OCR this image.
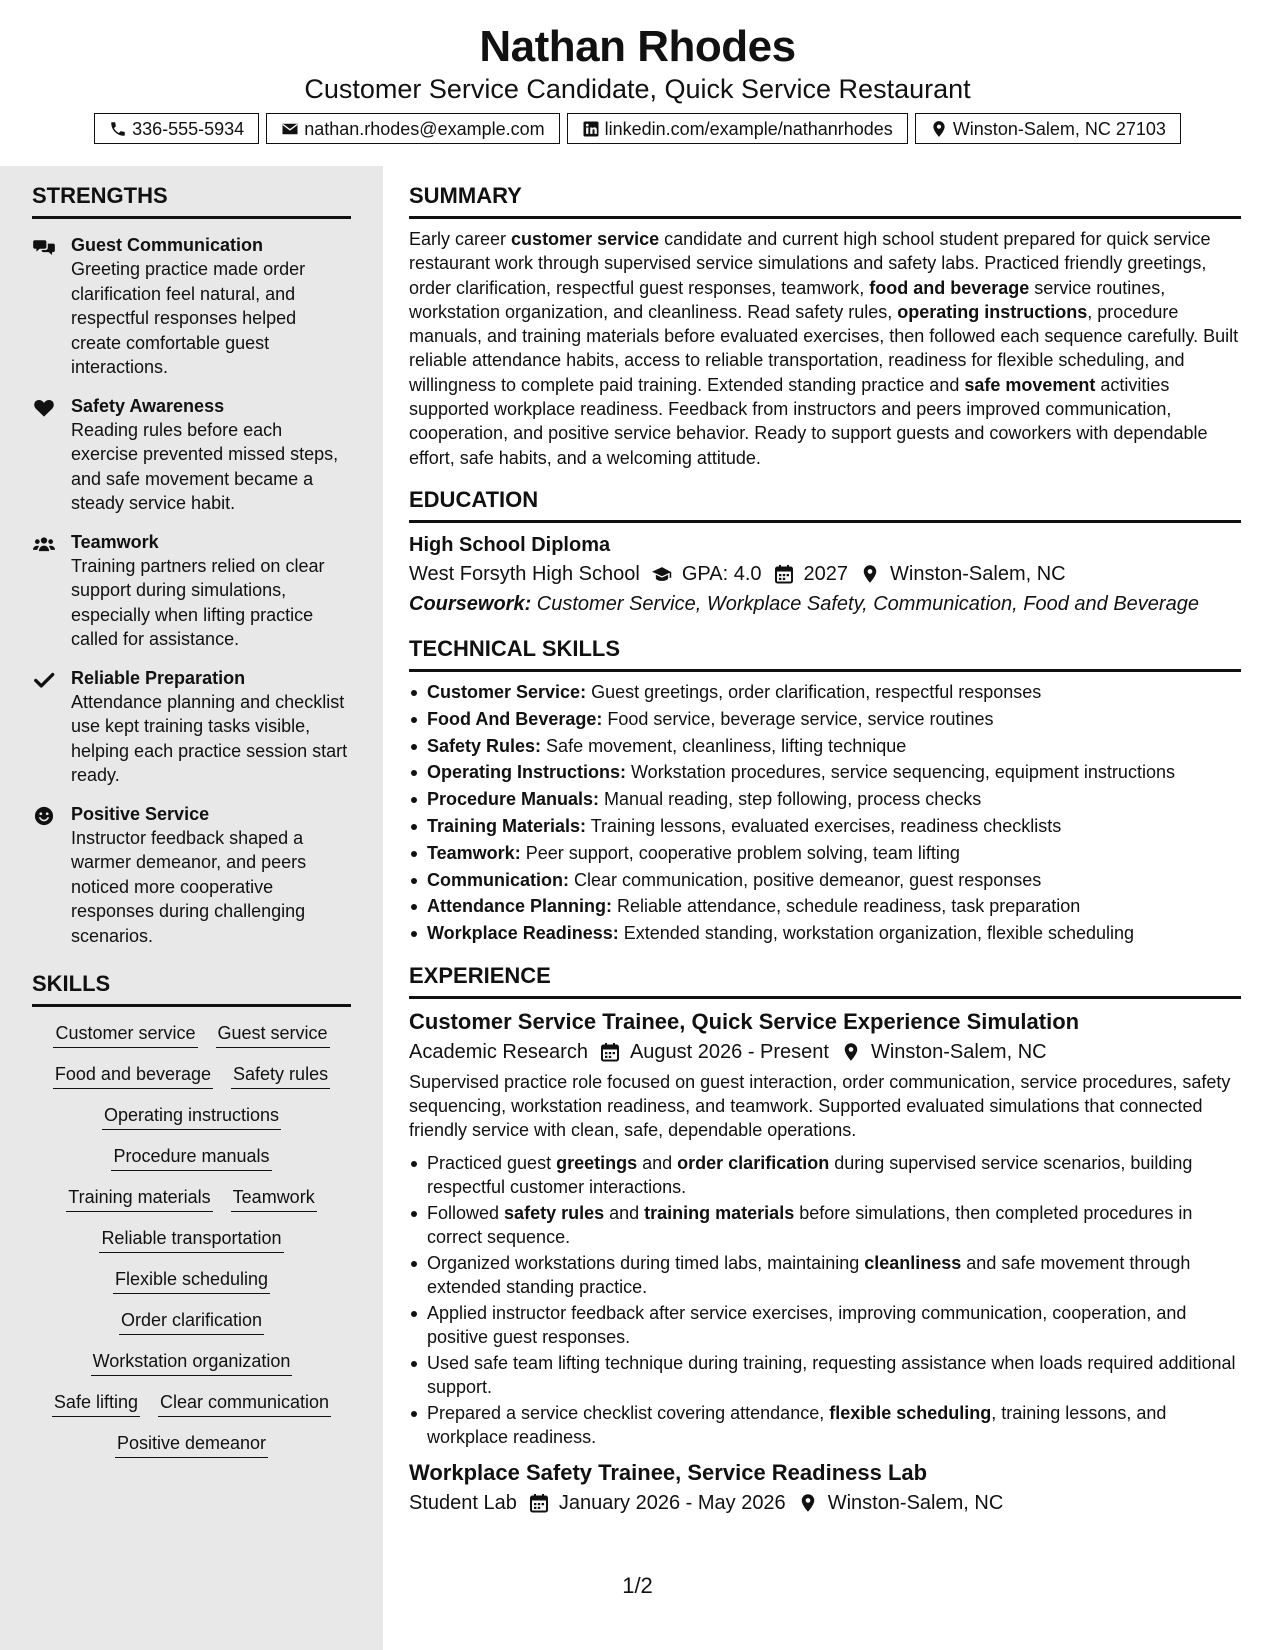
Nathan Rhodes
Customer Service Candidate, Quick Service Restaurant
336-555-5934	nathan.rhodes@example.com	linkedin.com/example/nathanrhodes	Winston-Salem, NC 27103
STRENGTHS
Guest Communication
Greeting practice made order clarification feel natural, and respectful responses helped create comfortable guest interactions.
Safety Awareness
Reading rules before each exercise prevented missed steps, and safe movement became a steady service habit.
Teamwork
Training partners relied on clear support during simulations, especially when lifting practice called for assistance.
Reliable Preparation
Attendance planning and checklist use kept training tasks visible, helping each practice session start ready.
Positive Service
Instructor feedback shaped a warmer demeanor, and peers noticed more cooperative responses during challenging scenarios.
SKILLS
Customer service Guest service
Food and beverage Safety rules
Operating instructions
Procedure manuals
Training materials Teamwork
Reliable transportation
Flexible scheduling
Order clarification
Workstation organization
Safe lifting Clear communication
Positive demeanor
SUMMARY
Early career customer service candidate and current high school student prepared for quick service restaurant work through supervised service simulations and safety labs. Practiced friendly greetings, order clarification, respectful guest responses, teamwork, food and beverage service routines, workstation organization, and cleanliness. Read safety rules, operating instructions, procedure manuals, and training materials before evaluated exercises, then followed each sequence carefully. Built reliable attendance habits, access to reliable transportation, readiness for flexible scheduling, and willingness to complete paid training. Extended standing practice and safe movement activities supported workplace readiness. Feedback from instructors and peers improved communication, cooperation, and positive service behavior. Ready to support guests and coworkers with dependable effort, safe habits, and a welcoming attitude.
EDUCATION
High School Diploma
West Forsyth High School GPA: 4.0 2027 Winston-Salem, NC
Coursework: Customer Service, Workplace Safety, Communication, Food and Beverage
TECHNICAL SKILLS
Customer Service: Guest greetings, order clarification, respectful responses
Food And Beverage: Food service, beverage service, service routines
Safety Rules: Safe movement, cleanliness, lifting technique
Operating Instructions: Workstation procedures, service sequencing, equipment instructions
Procedure Manuals: Manual reading, step following, process checks
Training Materials: Training lessons, evaluated exercises, readiness checklists
Teamwork: Peer support, cooperative problem solving, team lifting
Communication: Clear communication, positive demeanor, guest responses
Attendance Planning: Reliable attendance, schedule readiness, task preparation
Workplace Readiness: Extended standing, workstation organization, flexible scheduling
EXPERIENCE
Customer Service Trainee, Quick Service Experience Simulation
Academic Research August 2026 - Present Winston-Salem, NC
Supervised practice role focused on guest interaction, order communication, service procedures, safety sequencing, workstation readiness, and teamwork. Supported evaluated simulations that connected friendly service with clean, safe, dependable operations.
Practiced guest greetings and order clarification during supervised service scenarios, building respectful customer interactions.
Followed safety rules and training materials before simulations, then completed procedures in correct sequence.
Organized workstations during timed labs, maintaining cleanliness and safe movement through extended standing practice.
Applied instructor feedback after service exercises, improving communication, cooperation, and positive guest responses.
Used safe team lifting technique during training, requesting assistance when loads required additional support.
Prepared a service checklist covering attendance, flexible scheduling, training lessons, and workplace readiness.
Workplace Safety Trainee, Service Readiness Lab
Student Lab January 2026 - May 2026 Winston-Salem, NC
1/2
